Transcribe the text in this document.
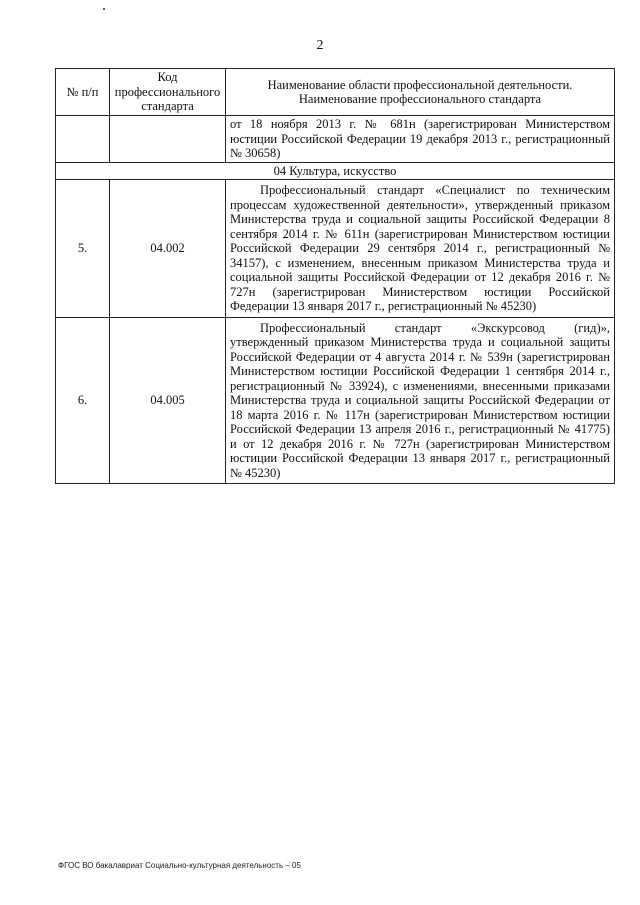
2
№ п/п	Код профессионального стандарта	Наименование области профессиональной деятельности. Наименование профессионального стандарта
		от 18 ноября 2013 г. № 681н (зарегистрирован Министерством юстиции Российской Федерации 19 декабря 2013 г., регистрационный № 30658)
04 Культура, искусство		
5.	04.002	Профессиональный стандарт «Специалист по техническим процессам художественной деятельности», утвержденный приказом Министерства труда и социальной защиты Российской Федерации 8 сентября 2014 г. № 611н (зарегистрирован Министерством юстиции Российской Федерации 29 сентября 2014 г., регистрационный № 34157), с изменением, внесенным приказом Министерства труда и социальной защиты Российской Федерации от 12 декабря 2016 г. № 727н (зарегистрирован Министерством юстиции Российской Федерации 13 января 2017 г., регистрационный № 45230)
6.	04.005	Профессиональный стандарт «Экскурсовод (гид)», утвержденный приказом Министерства труда и социальной защиты Российской Федерации от 4 августа 2014 г. № 539н (зарегистрирован Министерством юстиции Российской Федерации 1 сентября 2014 г., регистрационный № 33924), с изменениями, внесенными приказами Министерства труда и социальной защиты Российской Федерации от 18 марта 2016 г. № 117н (зарегистрирован Министерством юстиции Российской Федерации 13 апреля 2016 г., регистрационный № 41775) и от 12 декабря 2016 г. № 727н (зарегистрирован Министерством юстиции Российской Федерации 13 января 2017 г., регистрационный № 45230)
ФГОС ВО бакалавриат Социально-культурная деятельность – 05
